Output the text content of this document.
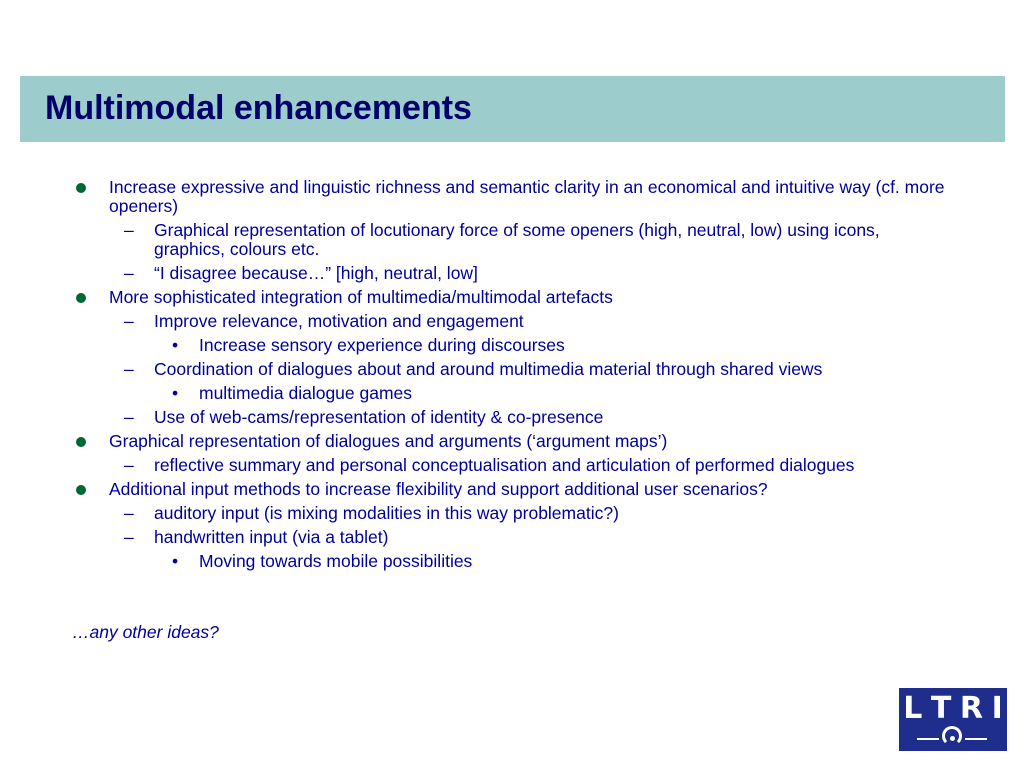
Multimodal enhancements
Increase expressive and linguistic richness and semantic clarity in an economical and intuitive way (cf. more openers)
– Graphical representation of locutionary force of some openers (high, neutral, low) using icons, graphics, colours etc.
– “I disagree because…” [high, neutral, low]
More sophisticated integration of multimedia/multimodal artefacts
– Improve relevance, motivation and engagement
• Increase sensory experience during discourses
– Coordination of dialogues about and around multimedia material through shared views
• multimedia dialogue games
– Use of web-cams/representation of identity & co-presence
Graphical representation of dialogues and arguments (‘argument maps’)
– reflective summary and personal conceptualisation and articulation of performed dialogues
Additional input methods to increase flexibility and support additional user scenarios?
– auditory input (is mixing modalities in this way problematic?)
– handwritten input (via a tablet)
• Moving towards mobile possibilities
…any other ideas?
L T R I
